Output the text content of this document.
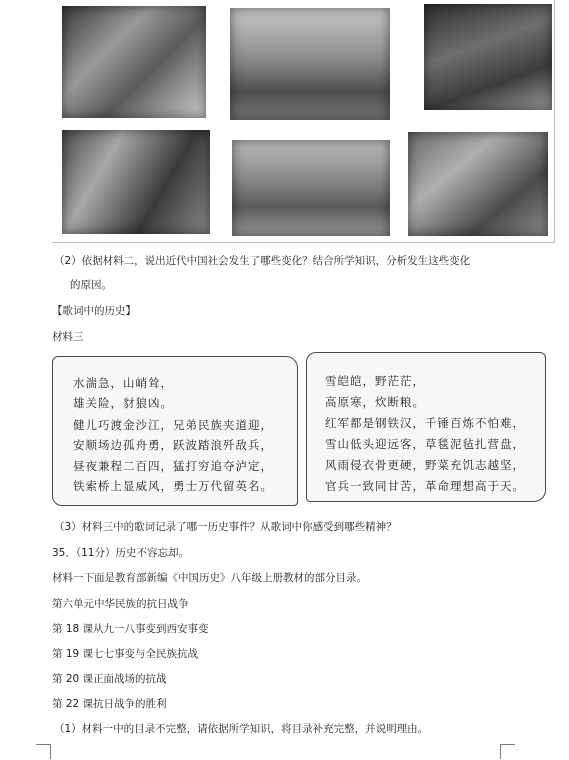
（2）依据材料二，说出近代中国社会发生了哪些变化？结合所学知识，分析发生这些变化
的原因。
【歌词中的历史】
材料三
水湍急，山峭耸，
雄关险，豺狼凶。
健儿巧渡金沙江，兄弟民族夹道迎，
安顺场边孤舟勇，跃波踏浪歼敌兵，
昼夜兼程二百四，猛打穷追夺泸定，
铁索桥上显威风，勇士万代留英名。
雪皑皑，野茫茫，
高原寒，炊断粮。
红军都是钢铁汉，千锤百炼不怕难，
雪山低头迎远客，草毯泥毡扎营盘，
风雨侵衣骨更硬，野菜充饥志越坚，
官兵一致同甘苦，革命理想高于天。
（3）材料三中的歌词记录了哪一历史事件？从歌词中你感受到哪些精神？
35．（11分）历史不容忘却。
材料一下面是教育部新编《中国历史》八年级上册教材的部分目录。
第六单元中华民族的抗日战争
第 18 课从九一八事变到西安事变
第 19 课七七事变与全民族抗战
第 20 课正面战场的抗战
第 22 课抗日战争的胜利
（1）材料一中的目录不完整，请依据所学知识，将目录补充完整，并说明理由。
